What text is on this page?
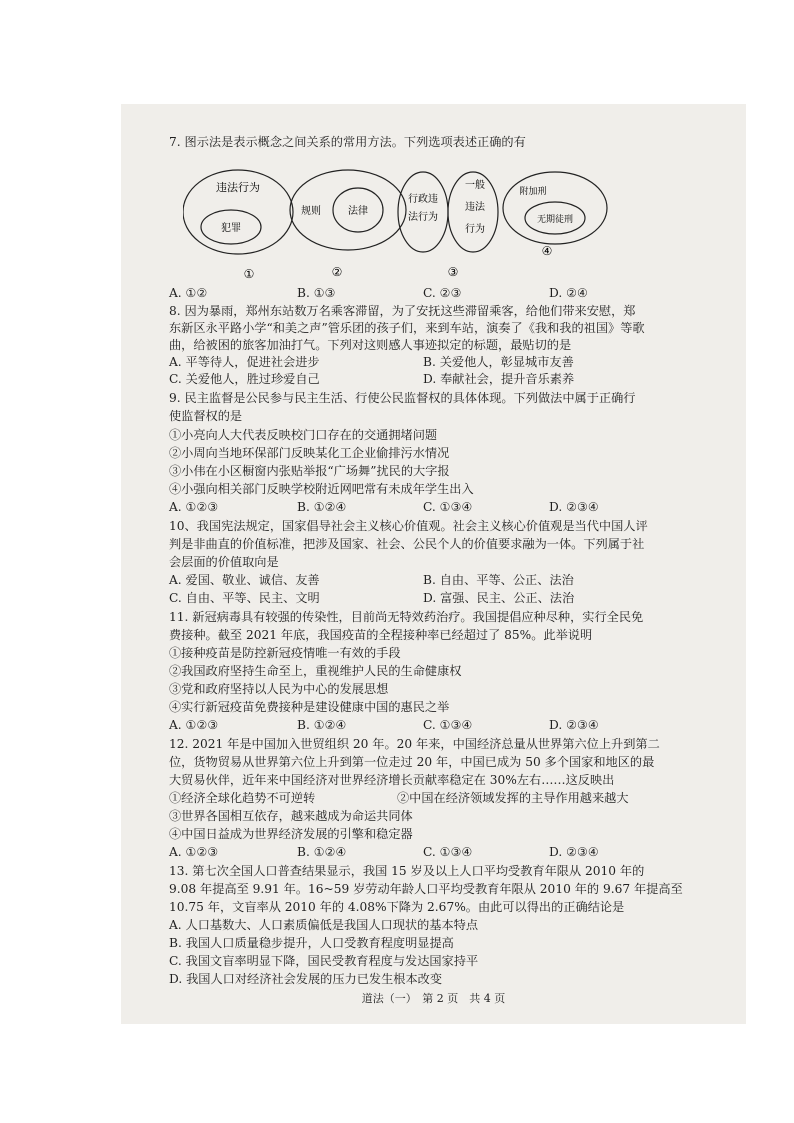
7. 图示法是表示概念之间关系的常用方法。下列选项表述正确的有
违法行为
犯罪
①
规则	法律
②
行政违
法行为
一般
违法
行为
③
附加刑
无期徒刑
④
A. ①②	B. ①③	C. ②③	D. ②④
8. 因为暴雨，郑州东站数万名乘客滞留，为了安抚这些滞留乘客，给他们带来安慰，郑
东新区永平路小学“和美之声”管乐团的孩子们，来到车站，演奏了《我和我的祖国》等歌
曲，给被困的旅客加油打气。下列对这则感人事迹拟定的标题，最贴切的是
A. 平等待人，促进社会进步	B. 关爱他人，彰显城市友善
C. 关爱他人，胜过珍爱自己	D. 奉献社会，提升音乐素养
9. 民主监督是公民参与民主生活、行使公民监督权的具体体现。下列做法中属于正确行
使监督权的是
①小亮向人大代表反映校门口存在的交通拥堵问题
②小周向当地环保部门反映某化工企业偷排污水情况
③小伟在小区橱窗内张贴举报“广场舞”扰民的大字报
④小强向相关部门反映学校附近网吧常有未成年学生出入
A. ①②③	B. ①②④	C. ①③④	D. ②③④
10、我国宪法规定，国家倡导社会主义核心价值观。社会主义核心价值观是当代中国人评
判是非曲直的价值标准，把涉及国家、社会、公民个人的价值要求融为一体。下列属于社
会层面的价值取向是
A. 爱国、敬业、诚信、友善	B. 自由、平等、公正、法治
C. 自由、平等、民主、文明	D. 富强、民主、公正、法治
11. 新冠病毒具有较强的传染性，目前尚无特效药治疗。我国提倡应种尽种，实行全民免
费接种。截至 2021 年底，我国疫苗的全程接种率已经超过了 85%。此举说明
①接种疫苗是防控新冠疫情唯一有效的手段
②我国政府坚持生命至上，重视维护人民的生命健康权
③党和政府坚持以人民为中心的发展思想
④实行新冠疫苗免费接种是建设健康中国的惠民之举
A. ①②③	B. ①②④	C. ①③④	D. ②③④
12. 2021 年是中国加入世贸组织 20 年。20 年来，中国经济总量从世界第六位上升到第二
位，货物贸易从世界第六位上升到第一位走过 20 年，中国已成为 50 多个国家和地区的最
大贸易伙伴，近年来中国经济对世界经济增长贡献率稳定在 30%左右……这反映出
①经济全球化趋势不可逆转	②中国在经济领域发挥的主导作用越来越大
③世界各国相互依存，越来越成为命运共同体
④中国日益成为世界经济发展的引擎和稳定器
A. ①②③	B. ①②④	C. ①③④	D. ②③④
13. 第七次全国人口普查结果显示，我国 15 岁及以上人口平均受教育年限从 2010 年的
9.08 年提高至 9.91 年。16~59 岁劳动年龄人口平均受教育年限从 2010 年的 9.67 年提高至
10.75 年，文盲率从 2010 年的 4.08%下降为 2.67%。由此可以得出的正确结论是
A. 人口基数大、人口素质偏低是我国人口现状的基本特点
B. 我国人口质量稳步提升，人口受教育程度明显提高
C. 我国文盲率明显下降，国民受教育程度与发达国家持平
D. 我国人口对经济社会发展的压力已发生根本改变
道法（一）　第 2 页　共 4 页
